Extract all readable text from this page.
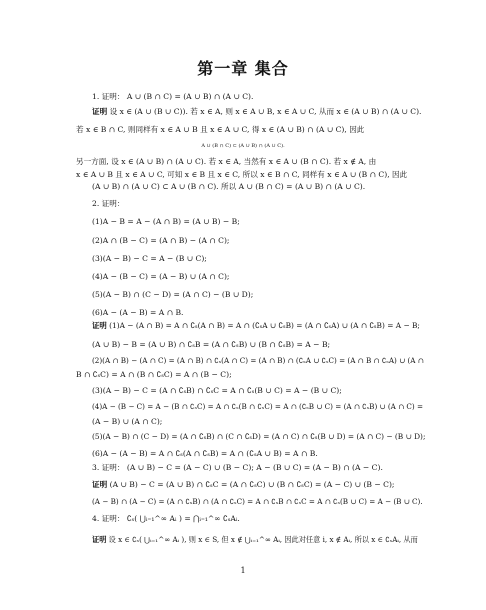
第一章 集合
1. 证明： A ∪ (B ∩ C) = (A ∪ B) ∩ (A ∪ C).
证明 设 x ∈ (A ∪ (B ∪ C)). 若 x ∈ A, 则 x ∈ A ∪ B, x ∈ A ∪ C, 从而 x ∈ (A ∪ B) ∩ (A ∪ C).
若 x ∈ B ∩ C, 则同样有 x ∈ A ∪ B 且 x ∈ A ∪ C, 得 x ∈ (A ∪ B) ∩ (A ∪ C), 因此
A ∪ (B ∩ C) ⊂ (A ∪ B) ∩ (A ∪ C).
另一方面, 设 x ∈ (A ∪ B) ∩ (A ∪ C). 若 x ∈ A, 当然有 x ∈ A ∪ (B ∩ C). 若 x ∉ A, 由
x ∈ A ∪ B 且 x ∈ A ∪ C, 可知 x ∈ B 且 x ∈ C, 所以 x ∈ B ∩ C, 同样有 x ∈ A ∪ (B ∩ C), 因此
(A ∪ B) ∩ (A ∪ C) ⊂ A ∪ (B ∩ C). 所以 A ∪ (B ∩ C) = (A ∪ B) ∩ (A ∪ C).
2. 证明：
(1)A − B = A − (A ∩ B) = (A ∪ B) − B;
(2)A ∩ (B − C) = (A ∩ B) − (A ∩ C);
(3)(A − B) − C = A − (B ∪ C);
(4)A − (B − C) = (A − B) ∪ (A ∩ C);
(5)(A − B) ∩ (C − D) = (A ∩ C) − (B ∪ D);
(6)A − (A − B) = A ∩ B.
证明 (1)A − (A ∩ B) = A ∩ ∁ₛ(A ∩ B) = A ∩ (∁ₛA ∪ ∁ₛB) = (A ∩ ∁ₛA) ∪ (A ∩ ∁ₛB) = A − B;
(A ∪ B) − B = (A ∪ B) ∩ ∁ₛB = (A ∩ ∁ₛB) ∪ (B ∩ ∁ₛB) = A − B;
(2)(A ∩ B) − (A ∩ C) = (A ∩ B) ∩ ∁ₛ(A ∩ C) = (A ∩ B) ∩ (∁ₛA ∪ ∁ₛC) = (A ∩ B ∩ ∁ₛA) ∪ (A ∩
B ∩ ∁ₛC) = A ∩ (B ∩ ∁ₛC) = A ∩ (B − C);
(3)(A − B) − C = (A ∩ ∁ₛB) ∩ ∁ₛC = A ∩ ∁ₛ(B ∪ C) = A − (B ∪ C);
(4)A − (B − C) = A − (B ∩ ∁ₛC) = A ∩ ∁ₛ(B ∩ ∁ₛC) = A ∩ (∁ₛB ∪ C) = (A ∩ ∁ₛB) ∪ (A ∩ C) =
(A − B) ∪ (A ∩ C);
(5)(A − B) ∩ (C − D) = (A ∩ ∁ₛB) ∩ (C ∩ ∁ₛD) = (A ∩ C) ∩ ∁ₛ(B ∪ D) = (A ∩ C) − (B ∪ D);
(6)A − (A − B) = A ∩ ∁ₛ(A ∩ ∁ₛB) = A ∩ (∁ₛA ∪ B) = A ∩ B.
3. 证明： (A ∪ B) − C = (A − C) ∪ (B − C); A − (B ∪ C) = (A − B) ∩ (A − C).
证明 (A ∪ B) − C = (A ∪ B) ∩ ∁ₛC = (A ∩ ∁ₛC) ∪ (B ∩ ∁ₛC) = (A − C) ∪ (B − C);
(A − B) ∩ (A − C) = (A ∩ ∁ₛB) ∩ (A ∩ ∁ₛC) = A ∩ ∁ₛB ∩ ∁ₛC = A ∩ ∁ₛ(B ∪ C) = A − (B ∪ C).
4. 证明： ∁ₛ( ⋃ᵢ₌₁^∞ Aᵢ ) = ⋂ᵢ₌₁^∞ ∁ₛAᵢ.
证明 设 x ∈ ∁ₛ( ⋃ᵢ₌₁^∞ Aᵢ ), 则 x ∈ S, 但 x ∉ ⋃ᵢ₌₁^∞ Aᵢ, 因此对任意 i, x ∉ Aᵢ, 所以 x ∈ ∁ₛAᵢ, 从而
1
